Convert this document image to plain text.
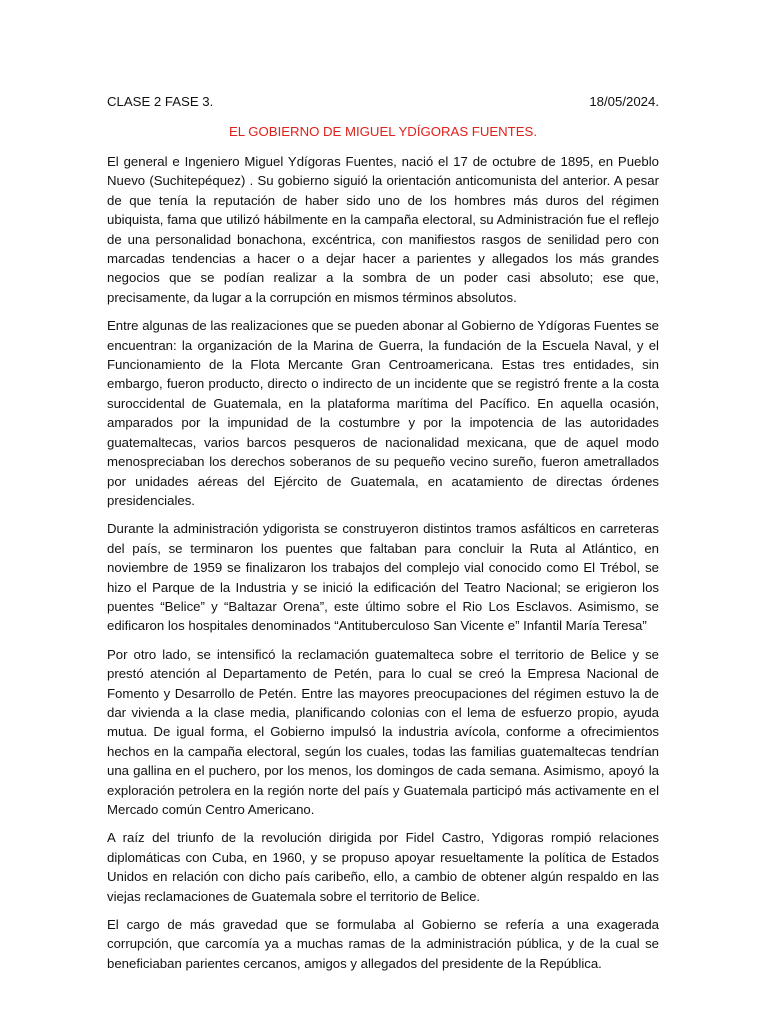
CLASE 2 FASE 3.	18/05/2024.
EL GOBIERNO DE MIGUEL YDÍGORAS FUENTES.

El general e Ingeniero Miguel Ydígoras Fuentes, nació el 17 de octubre de 1895, en Pueblo Nuevo (Suchitepéquez) . Su gobierno siguió la orientación anticomunista del anterior. A pesar de que tenía la reputación de haber sido uno de los hombres más duros del régimen ubiquista, fama que utilizó hábilmente en la campaña electoral, su Administración fue el reflejo de una personalidad bonachona, excéntrica, con manifiestos rasgos de senilidad pero con marcadas tendencias a hacer o a dejar hacer a parientes y allegados los más grandes negocios que se podían realizar a la sombra de un poder casi absoluto; ese que, precisamente, da lugar a la corrupción en mismos términos absolutos.

Entre algunas de las realizaciones que se pueden abonar al Gobierno de Ydígoras Fuentes se encuentran: la organización de la Marina de Guerra, la fundación de la Escuela Naval, y el Funcionamiento de la Flota Mercante Gran Centroamericana. Estas tres entidades, sin embargo, fueron producto, directo o indirecto de un incidente que se registró frente a la costa suroccidental de Guatemala, en la plataforma marítima del Pacífico. En aquella ocasión, amparados por la impunidad de la costumbre y por la impotencia de las autoridades guatemaltecas, varios barcos pesqueros de nacionalidad mexicana, que de aquel modo menospreciaban los derechos soberanos de su pequeño vecino sureño, fueron ametrallados por unidades aéreas del Ejército de Guatemala, en acatamiento de directas órdenes presidenciales.

Durante la administración ydigorista se construyeron distintos tramos asfálticos en carreteras del país, se terminaron los puentes que faltaban para concluir la Ruta al Atlántico, en noviembre de 1959 se finalizaron los trabajos del complejo vial conocido como El Trébol, se hizo el Parque de la Industria y se inició la edificación del Teatro Nacional; se erigieron los puentes “Belice” y “Baltazar Orena”, este último sobre el Rio Los Esclavos. Asimismo, se edificaron los hospitales denominados “Antituberculoso San Vicente e” Infantil María Teresa”

Por otro lado, se intensificó la reclamación guatemalteca sobre el territorio de Belice y se prestó atención al Departamento de Petén, para lo cual se creó la Empresa Nacional de Fomento y Desarrollo de Petén. Entre las mayores preocupaciones del régimen estuvo la de dar vivienda a la clase media, planificando colonias con el lema de esfuerzo propio, ayuda mutua. De igual forma, el Gobierno impulsó la industria avícola, conforme a ofrecimientos hechos en la campaña electoral, según los cuales, todas las familias guatemaltecas tendrían una gallina en el puchero, por los menos, los domingos de cada semana. Asimismo, apoyó la exploración petrolera en la región norte del país y Guatemala participó más activamente en el Mercado común Centro Americano.

A raíz del triunfo de la revolución dirigida por Fidel Castro, Ydigoras rompió relaciones diplomáticas con Cuba, en 1960, y se propuso apoyar resueltamente la política de Estados Unidos en relación con dicho país caribeño, ello, a cambio de obtener algún respaldo en las viejas reclamaciones de Guatemala sobre el territorio de Belice.

El cargo de más gravedad que se formulaba al Gobierno se refería a una exagerada corrupción, que carcomía ya a muchas ramas de la administración pública, y de la cual se beneficiaban parientes cercanos, amigos y allegados del presidente de la República.
